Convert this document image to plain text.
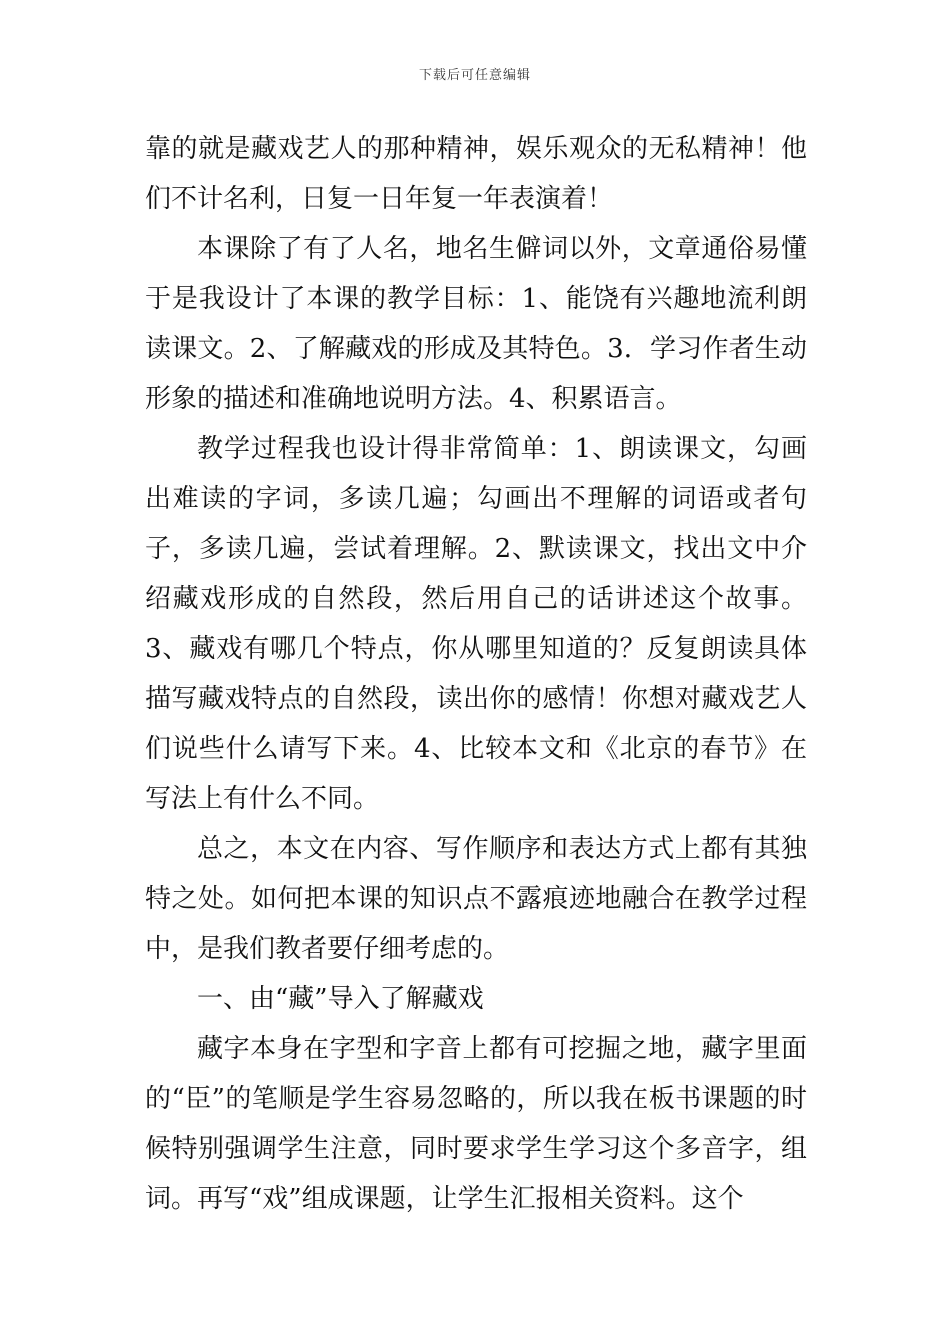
下载后可任意编辑

靠的就是藏戏艺人的那种精神，娱乐观众的无私精神！他们不计名利，日复一日年复一年表演着！

本课除了有了人名，地名生僻词以外，文章通俗易懂于是我设计了本课的教学目标：1、能饶有兴趣地流利朗读课文。2、了解藏戏的形成及其特色。3．学习作者生动形象的描述和准确地说明方法。4、积累语言。

教学过程我也设计得非常简单：1、朗读课文，勾画出难读的字词，多读几遍；勾画出不理解的词语或者句子，多读几遍，尝试着理解。2、默读课文，找出文中介绍藏戏形成的自然段，然后用自己的话讲述这个故事。3、藏戏有哪几个特点，你从哪里知道的？反复朗读具体描写藏戏特点的自然段，读出你的感情！你想对藏戏艺人们说些什么请写下来。4、比较本文和《北京的春节》在写法上有什么不同。

总之，本文在内容、写作顺序和表达方式上都有其独特之处。如何把本课的知识点不露痕迹地融合在教学过程中，是我们教者要仔细考虑的。

一、由“藏”导入了解藏戏

藏字本身在字型和字音上都有可挖掘之地，藏字里面的“臣”的笔顺是学生容易忽略的，所以我在板书课题的时候特别强调学生注意，同时要求学生学习这个多音字，组词。再写“戏”组成课题，让学生汇报相关资料。这个
